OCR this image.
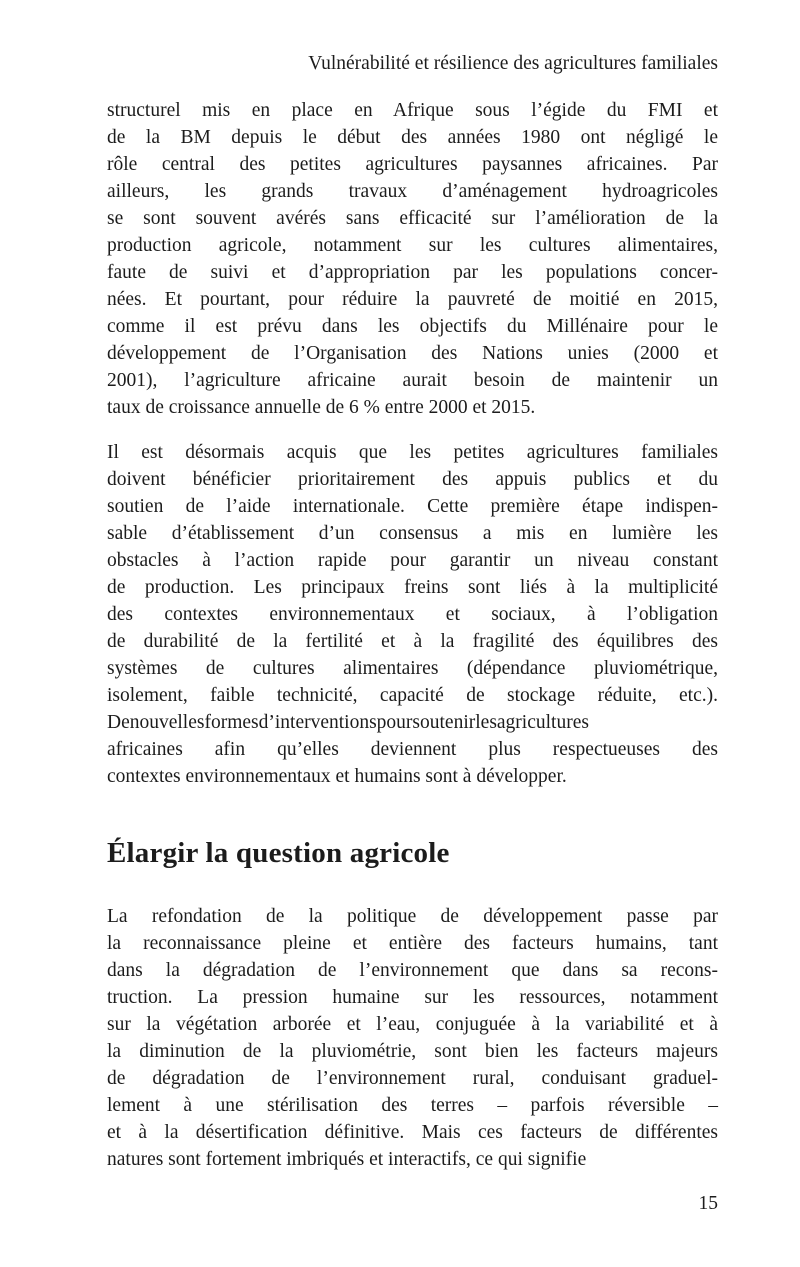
Vulnérabilité et résilience des agricultures familiales

structurel mis en place en Afrique sous l’égide du FMI et
de la BM depuis le début des années 1980 ont négligé le
rôle central des petites agricultures paysannes africaines. Par
ailleurs, les grands travaux d’aménagement hydroagricoles
se sont souvent avérés sans efficacité sur l’amélioration de la
production agricole, notamment sur les cultures alimentaires,
faute de suivi et d’appropriation par les populations concer-
nées. Et pourtant, pour réduire la pauvreté de moitié en 2015,
comme il est prévu dans les objectifs du Millénaire pour le
développement de l’Organisation des Nations unies (2000 et
2001), l’agriculture africaine aurait besoin de maintenir un
taux de croissance annuelle de 6 % entre 2000 et 2015.

Il est désormais acquis que les petites agricultures familiales
doivent bénéficier prioritairement des appuis publics et du
soutien de l’aide internationale. Cette première étape indispen-
sable d’établissement d’un consensus a mis en lumière les
obstacles à l’action rapide pour garantir un niveau constant
de production. Les principaux freins sont liés à la multiplicité
des contextes environnementaux et sociaux, à l’obligation
de durabilité de la fertilité et à la fragilité des équilibres des
systèmes de cultures alimentaires (dépendance pluviométrique,
isolement, faible technicité, capacité de stockage réduite, etc.).
Denouvellesformesd’interventionspoursoutenirlesagricultures
africaines afin qu’elles deviennent plus respectueuses des
contextes environnementaux et humains sont à développer.

Élargir la question agricole

La refondation de la politique de développement passe par
la reconnaissance pleine et entière des facteurs humains, tant
dans la dégradation de l’environnement que dans sa recons-
truction. La pression humaine sur les ressources, notamment
sur la végétation arborée et l’eau, conjuguée à la variabilité et à
la diminution de la pluviométrie, sont bien les facteurs majeurs
de dégradation de l’environnement rural, conduisant graduel-
lement à une stérilisation des terres – parfois réversible –
et à la désertification définitive. Mais ces facteurs de différentes
natures sont fortement imbriqués et interactifs, ce qui signifie

15
